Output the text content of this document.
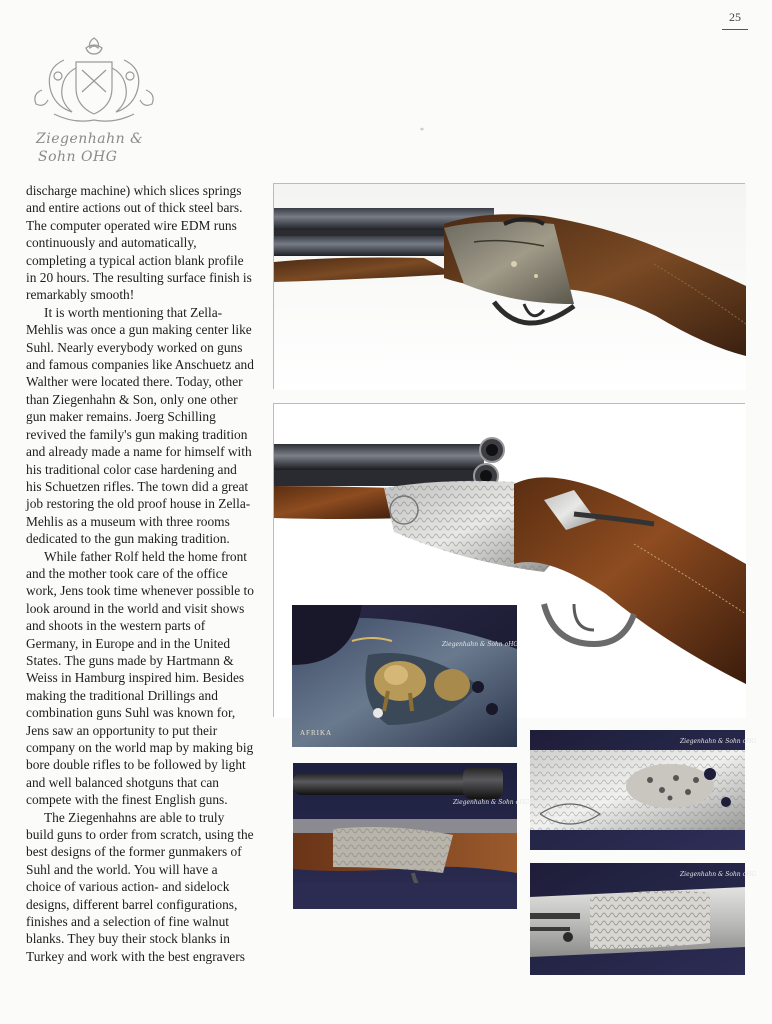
25
*
Ziegenhahn &
Sohn OHG

discharge machine) which slices springs and entire actions out of thick steel bars. The computer operated wire EDM runs continuously and automatically, completing a typical action blank profile in 20 hours. The resulting surface finish is remarkably smooth!

It is worth mentioning that Zella-Mehlis was once a gun making center like Suhl. Nearly everybody worked on guns and famous companies like Anschuetz and Walther were located there. Today, other than Ziegenhahn & Son, only one other gun maker remains. Joerg Schilling revived the family's gun making tradition and already made a name for himself with his traditional color case hardening and his Schuetzen rifles. The town did a great job restoring the old proof house in Zella-Mehlis as a museum with three rooms dedicated to the gun making tradition.

While father Rolf held the home front and the mother took care of the office work, Jens took time whenever possible to look around in the world and visit shows and shoots in the western parts of Germany, in Europe and in the United States. The guns made by Hartmann & Weiss in Hamburg inspired him. Besides making the traditional Drillings and combination guns Suhl was known for, Jens saw an opportunity to put their company on the world map by making big bore double rifles to be followed by light and well balanced shotguns that can compete with the finest English guns.

The Ziegenhahns are able to truly build guns to order from scratch, using the best designs of the former gunmakers of Suhl and the world. You will have a choice of various action- and sidelock designs, different barrel configurations, finishes and a selection of fine walnut blanks. They buy their stock blanks in Turkey and work with the best engravers

AFRIKA
Ziegenhahn & Sohn oHG
Ziegenhahn & Sohn oHG
Ziegenhahn & Sohn oHG
Ziegenhahn & Sohn oHG
